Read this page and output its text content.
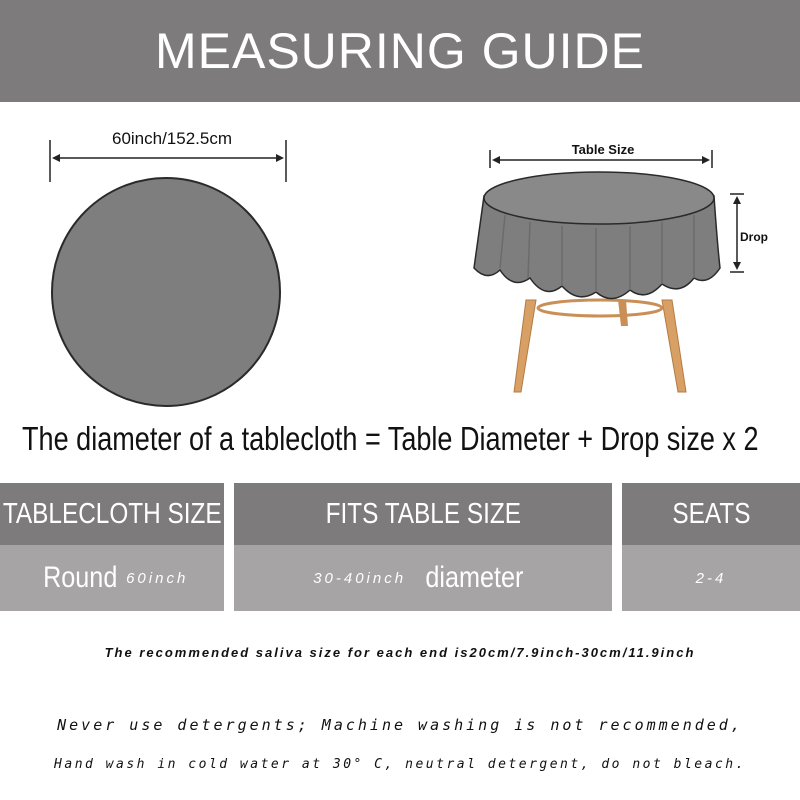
MEASURING GUIDE
60inch/152.5cm
Table Size
Drop
The diameter of a tablecloth = Table Diameter + Drop size x 2
TABLECLOTH SIZE	FITS TABLE SIZE	SEATS
Round 60inch	30-40inch diameter	2-4
The recommended saliva size for each end is20cm/7.9inch-30cm/11.9inch
Never use detergents; Machine washing is not recommended,
Hand wash in cold water at 30° C, neutral detergent, do not bleach.
